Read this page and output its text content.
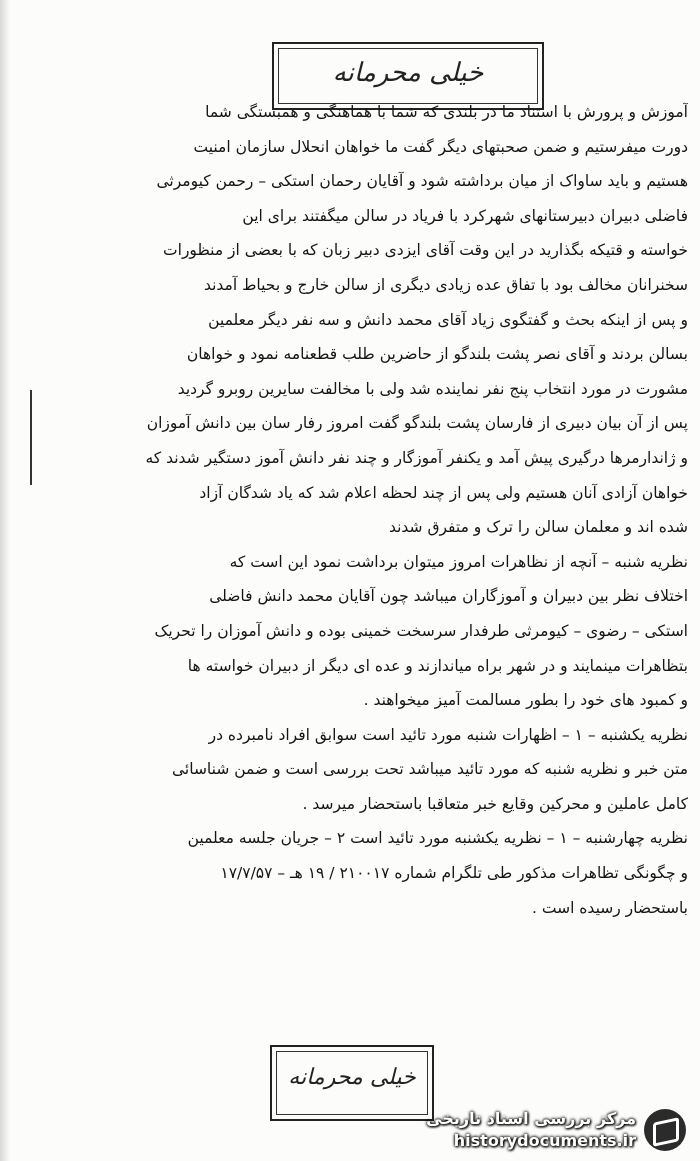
خیلی محرمانه
آموزش و پرورش با استناد ما در بلندی که شما با هماهنگی و همبستگی شما
دورت میفرستیم و ضمن صحبتهای دیگر گفت ما خواهان انحلال سازمان امنیت
هستیم و باید ساواک از میان برداشته شود و آقایان رحمان استکی – رحمن کیومرثی
فاضلی دبیران دبیرستانهای شهرکرد با فریاد در سالن میگفتند برای این
خواسته و قتیکه بگذارید در این وقت آقای ایزدی دبیر زبان که با بعضی از منظورات
سخنرانان مخالف بود با تفاق عده زیادی دیگری از سالن خارج و بحیاط آمدند
و پس از اینکه بحث و گفتگوی زیاد آقای محمد دانش و سه نفر دیگر معلمین
بسالن بردند و آقای نصر پشت بلندگو از حاضرین طلب قطعنامه نمود و خواهان
مشورت در مورد انتخاب پنج نفر نماینده شد ولی با مخالفت سایرین روبرو گردید
پس از آن بیان دبیری از فارسان پشت بلندگو گفت امروز رفار سان بین دانش آموزان
و ژاندارمرها درگیری پیش آمد و یکنفر آموزگار و چند نفر دانش آموز دستگیر شدند که
خواهان آزادی آنان هستیم ولی پس از چند لحظه اعلام شد که یاد شدگان آزاد
شده اند و معلمان سالن را ترک و متفرق شدند
نظریه شنبه – آنچه از نظاهرات امروز میتوان برداشت نمود این است که
اختلاف نظر بین دبیران و آموزگاران میباشد چون آقایان محمد دانش فاضلی
استکی – رضوی – کیومرثی طرفدار سرسخت خمینی بوده و دانش آموزان را تحریک
بتظاهرات مینمایند و در شهر براه میاندازند و عده ای دیگر از دبیران خواسته ها
و کمبود های خود را بطور مسالمت آمیز میخواهند .
نظریه یکشنبه – ۱ – اظهارات شنبه مورد تائید است سوابق افراد نامبرده در
متن خبر و نظریه شنبه که مورد تائید میباشد تحت بررسی است و ضمن شناسائی
کامل عاملین و محرکین وقایع خبر متعاقبا باستحضار میرسد .
نظریه چهارشنبه – ۱ – نظریه یکشنبه مورد تائید است ۲ – جریان جلسه معلمین
و چگونگی تظاهرات مذکور طی تلگرام شماره ۲۱۰۰۱۷ / ۱۹ هـ – ۱۷/۷/۵۷
باستحضار رسیده است .
خیلی محرمانه
مرکز بررسی اسناد تاریخی
historydocuments.ir
